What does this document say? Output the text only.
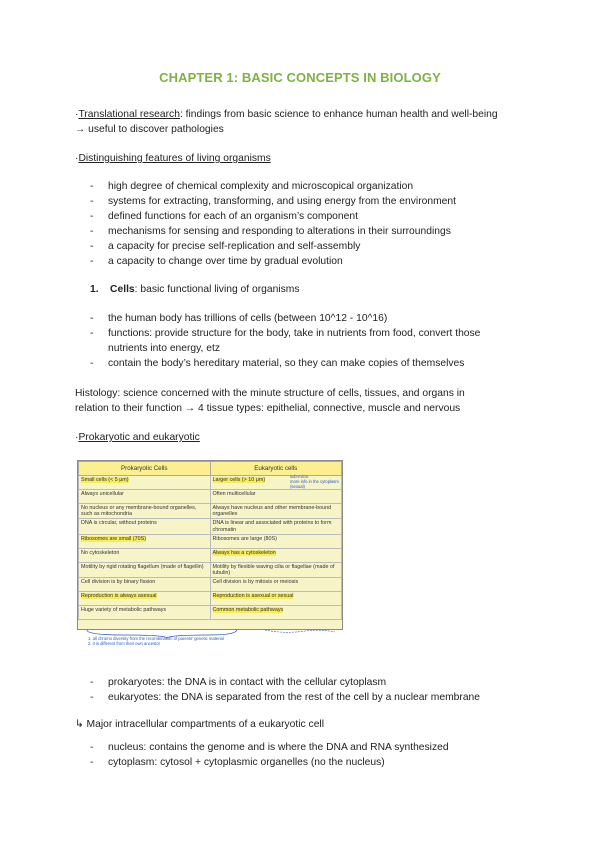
CHAPTER 1: BASIC CONCEPTS IN BIOLOGY
·Translational research: findings from basic science to enhance human health and well-being
→ useful to discover pathologies
·Distinguishing features of living organisms
- high degree of chemical complexity and microscopical organization
- systems for extracting, transforming, and using energy from the environment
- defined functions for each of an organism’s component
- mechanisms for sensing and responding to alterations in their surroundings
- a capacity for precise self-replication and self-assembly
- a capacity to change over time by gradual evolution
1. Cells: basic functional living of organisms
- the human body has trillions of cells (between 10^12 - 10^16)
- functions: provide structure for the body, take in nutrients from food, convert those
nutrients into energy, etz
- contain the body’s hereditary material, so they can make copies of themselves
Histology: science concerned with the minute structure of cells, tissues, and organs in
relation to their function → 4 tissue types: epithelial, connective, muscle and nervous
·Prokaryotic and eukaryotic
Prokaryotic Cells	Eukaryotic cells
Small cells (< 5 μm)	Larger cells (> 10 μm)
Always unicellular	Often multicellular
No nucleus or any membrane-bound organelles, such as mitochondria	Always have nucleus and other membrane-bound organelles
DNA is circular, without proteins	DNA is linear and associated with proteins to form chromatin
Ribosomes are small (70S)	Ribosomes are large (80S)
No cytoskeleton	Always has a cytoskeleton
Motility by rigid rotating flagellum (made of flagellin)	Motility by flexible waving cilia or flagellae (made of tubulin)
Cell division is by binary fission	Cell division is by mitosis or meiosis
Reproduction is always asexual	Reproduction is asexual or sexual
Huge variety of metabolic pathways	Common metabolic pathways
sub-micro
more info in the cytoplasm
(sexual)
1. all chromo diversity from the recombination of parents' genetic material
2. it is different from their own ancestor
- prokaryotes: the DNA is in contact with the cellular cytoplasm
- eukaryotes: the DNA is separated from the rest of the cell by a nuclear membrane
↳ Major intracellular compartments of a eukaryotic cell
- nucleus: contains the genome and is where the DNA and RNA synthesized
- cytoplasm: cytosol + cytoplasmic organelles (no the nucleus)
